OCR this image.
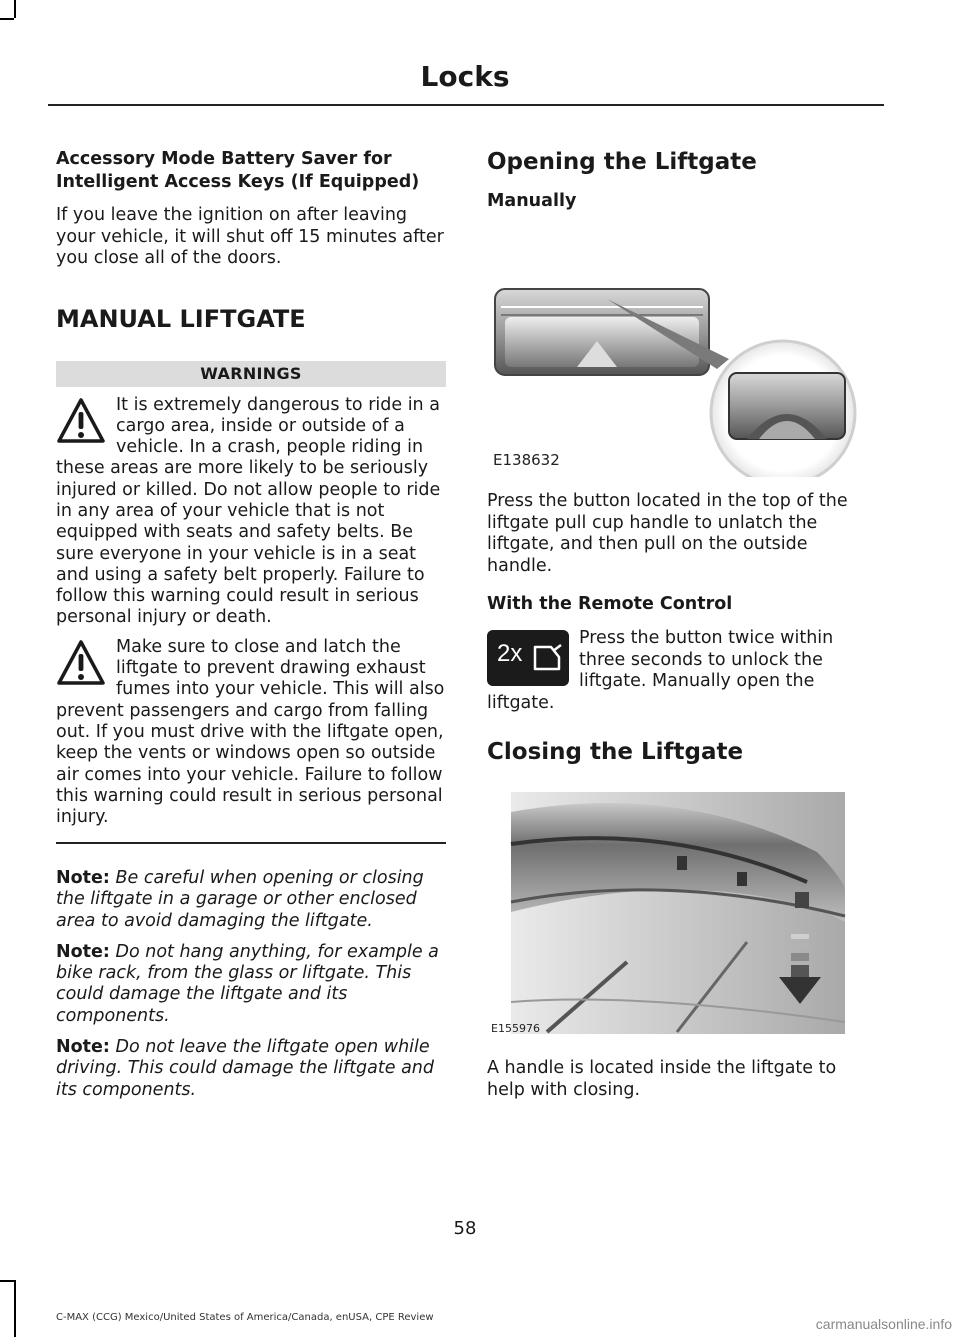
Locks
Accessory Mode Battery Saver for Intelligent Access Keys (If Equipped)
If you leave the ignition on after leaving your vehicle, it will shut off 15 minutes after you close all of the doors.
MANUAL LIFTGATE
WARNINGS
It is extremely dangerous to ride in a cargo area, inside or outside of a vehicle. In a crash, people riding in these areas are more likely to be seriously injured or killed. Do not allow people to ride in any area of your vehicle that is not equipped with seats and safety belts. Be sure everyone in your vehicle is in a seat and using a safety belt properly. Failure to follow this warning could result in serious personal injury or death.
Make sure to close and latch the liftgate to prevent drawing exhaust fumes into your vehicle. This will also prevent passengers and cargo from falling out. If you must drive with the liftgate open, keep the vents or windows open so outside air comes into your vehicle. Failure to follow this warning could result in serious personal injury.
Note: Be careful when opening or closing the liftgate in a garage or other enclosed area to avoid damaging the liftgate.
Note: Do not hang anything, for example a bike rack, from the glass or liftgate. This could damage the liftgate and its components.
Note: Do not leave the liftgate open while driving. This could damage the liftgate and its components.
Opening the Liftgate
Manually
E138632
Press the button located in the top of the liftgate pull cup handle to unlatch the liftgate, and then pull on the outside handle.
With the Remote Control
2x
Press the button twice within three seconds to unlock the liftgate. Manually open the liftgate.
Closing the Liftgate
E155976
A handle is located inside the liftgate to help with closing.
58
C-MAX (CCG) Mexico/United States of America/Canada, enUSA, CPE Review	carmanualsonline.info
